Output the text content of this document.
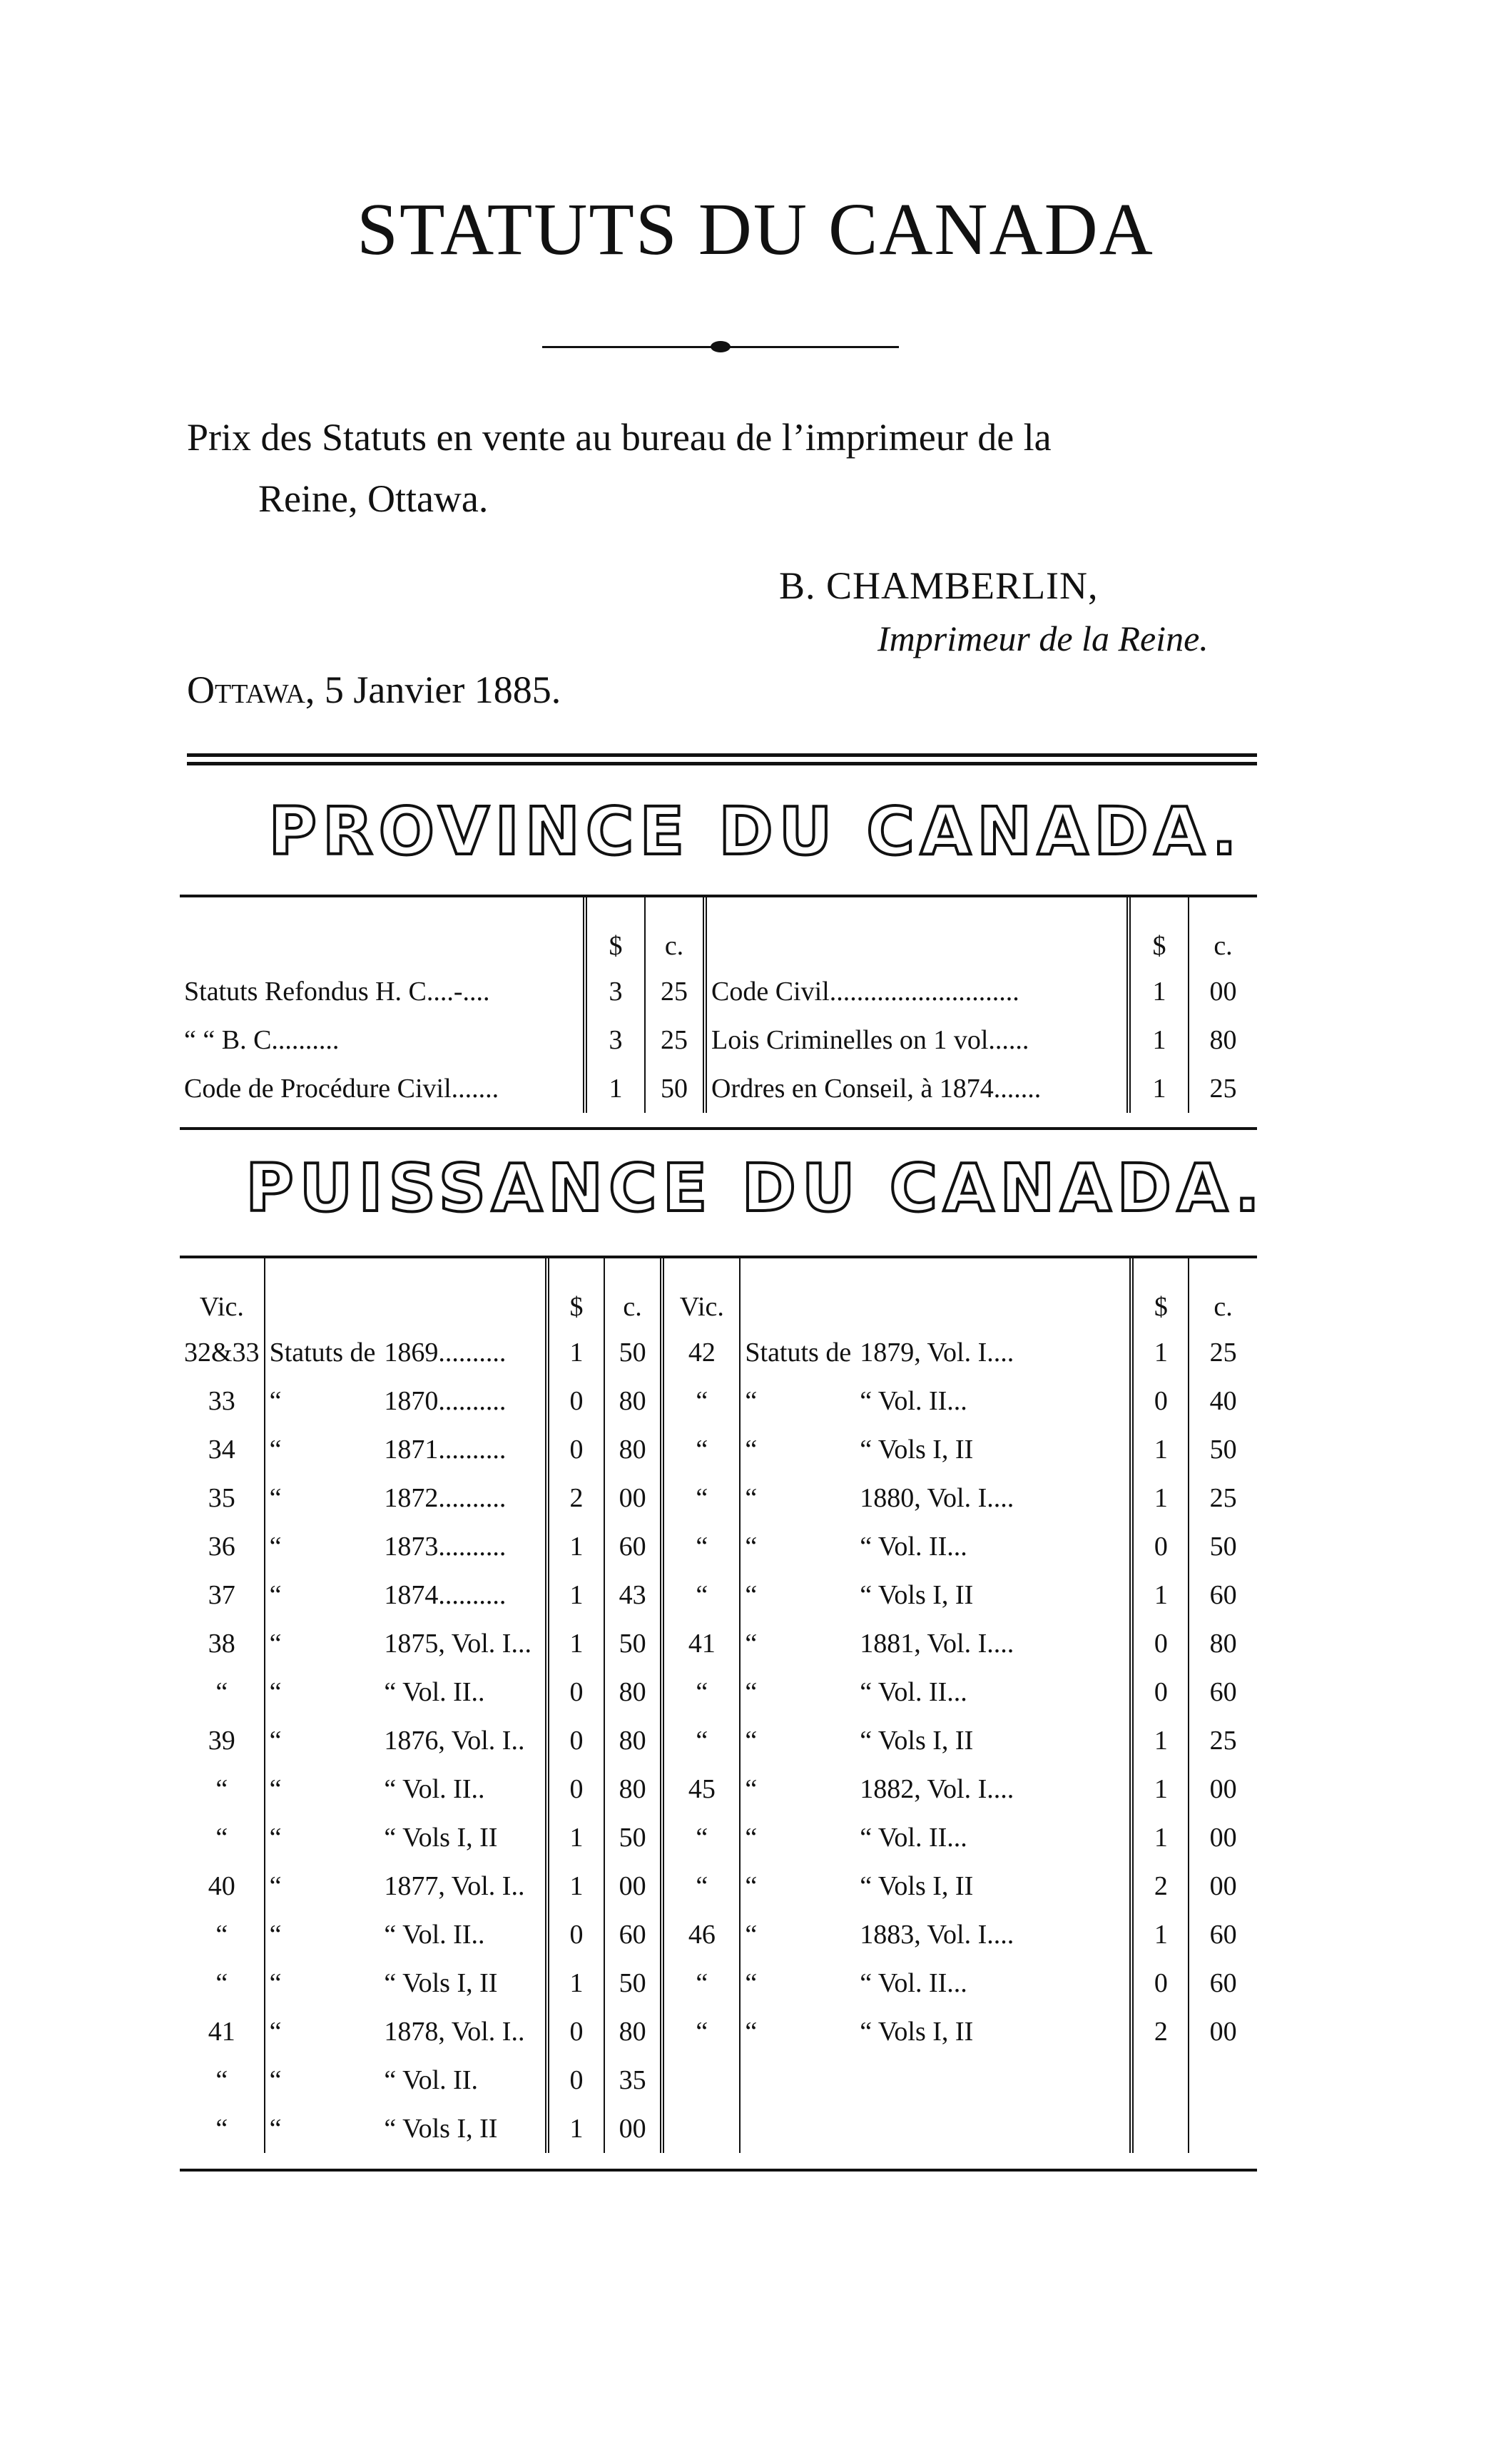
STATUTS DU CANADA
Prix des Statuts en vente au bureau de l’imprimeur de la
Reine, Ottawa.
B. CHAMBERLIN,
Imprimeur de la Reine.
Ottawa, 5 Janvier 1885.
PROVINCE DU CANADA.
	$	c.		$	c.
Statuts Refondus H. C....-....	3	25	Code Civil............................	1	00
“ “ B. C..........	3	25	Lois Criminelles on 1 vol......	1	80
Code de Procédure Civil.......	1	50	Ordres en Conseil, à 1874.......	1	25
PUISSANCE DU CANADA.
Vic.			$	c.	Vic.			$	c.
32&33	Statuts de	1869..........	1	50	42	Statuts de	1879, Vol. I....	1	25
33	“	1870..........	0	80	“	“	“ Vol. II...	0	40
34	“	1871..........	0	80	“	“	“ Vols I, II	1	50
35	“	1872..........	2	00	“	“	1880, Vol. I....	1	25
36	“	1873..........	1	60	“	“	“ Vol. II...	0	50
37	“	1874..........	1	43	“	“	“ Vols I, II	1	60
38	“	1875, Vol. I...	1	50	41	“	1881, Vol. I....	0	80
“	“	“ Vol. II..	0	80	“	“	“ Vol. II...	0	60
39	“	1876, Vol. I..	0	80	“	“	“ Vols I, II	1	25
“	“	“ Vol. II..	0	80	45	“	1882, Vol. I....	1	00
“	“	“ Vols I, II	1	50	“	“	“ Vol. II...	1	00
40	“	1877, Vol. I..	1	00	“	“	“ Vols I, II	2	00
“	“	“ Vol. II..	0	60	46	“	1883, Vol. I....	1	60
“	“	“ Vols I, II	1	50	“	“	“ Vol. II...	0	60
41	“	1878, Vol. I..	0	80	“	“	“ Vols I, II	2	00
“	“	“ Vol. II.	0	35					
“	“	“ Vols I, II	1	00					
